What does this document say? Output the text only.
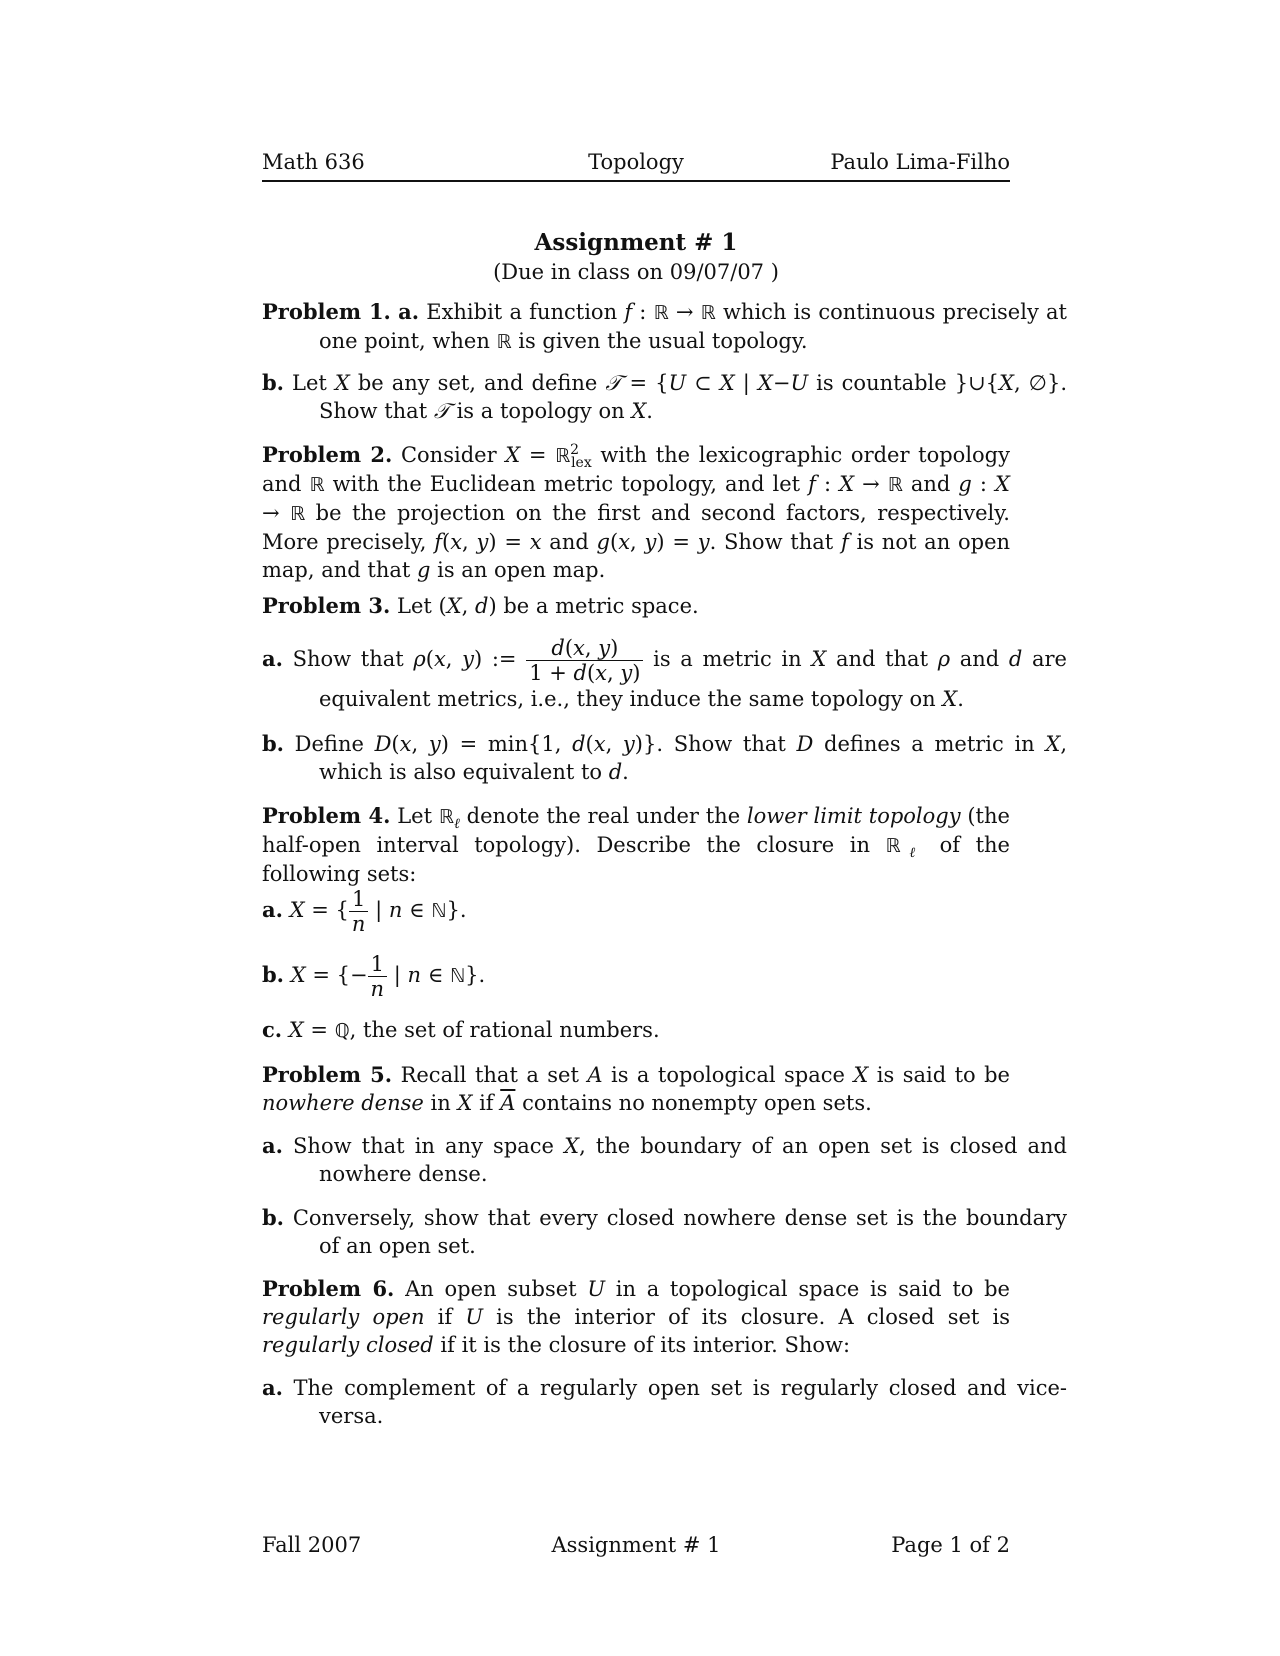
Topology
Math 636	Paulo Lima-Filho
Assignment # 1
(Due in class on 09/07/07 )
Problem 1. a. Exhibit a function f : ℝ → ℝ which is continuous precisely at one point, when ℝ is given the usual topology.
b. Let X be any set, and define 𝒯 = {U ⊂ X | X−U is countable }∪{X, ∅}. Show that 𝒯 is a topology on X.
Problem 2. Consider X = ℝ$^2_{lex}$ with the lexicographic order topology and ℝ with the Euclidean metric topology, and let f : X → ℝ and g : X → ℝ be the projection on the first and second factors, respectively. More precisely, f(x, y) = x and g(x, y) = y. Show that f is not an open map, and that g is an open map.
Problem 3. Let (X, d) be a metric space.
a. Show that ρ(x, y) := $\frac{d(x, y)}{1 + d(x, y)}$ is a metric in X and that ρ and d are equivalent metrics, i.e., they induce the same topology on X.
b. Define D(x, y) = min{1, d(x, y)}. Show that D defines a metric in X, which is also equivalent to d.
Problem 4. Let ℝ$_\ell$ denote the real under the lower limit topology (the half-open interval topology). Describe the closure in ℝ$_\ell$ of the following sets:
a. X = { $\frac{1}{n}$ | n ∈ ℕ}.
b. X = {− $\frac{1}{n}$ | n ∈ ℕ}.
c. X = ℚ, the set of rational numbers.
Problem 5. Recall that a set A is a topological space X is said to be nowhere dense in X if $\overline{A}$ contains no nonempty open sets.
a. Show that in any space X, the boundary of an open set is closed and nowhere dense.
b. Conversely, show that every closed nowhere dense set is the boundary of an open set.
Problem 6. An open subset U in a topological space is said to be regularly open if U is the interior of its closure. A closed set is regularly closed if it is the closure of its interior. Show:
a. The complement of a regularly open set is regularly closed and vice-versa.
Assignment # 1
Fall 2007	Page 1 of 2
